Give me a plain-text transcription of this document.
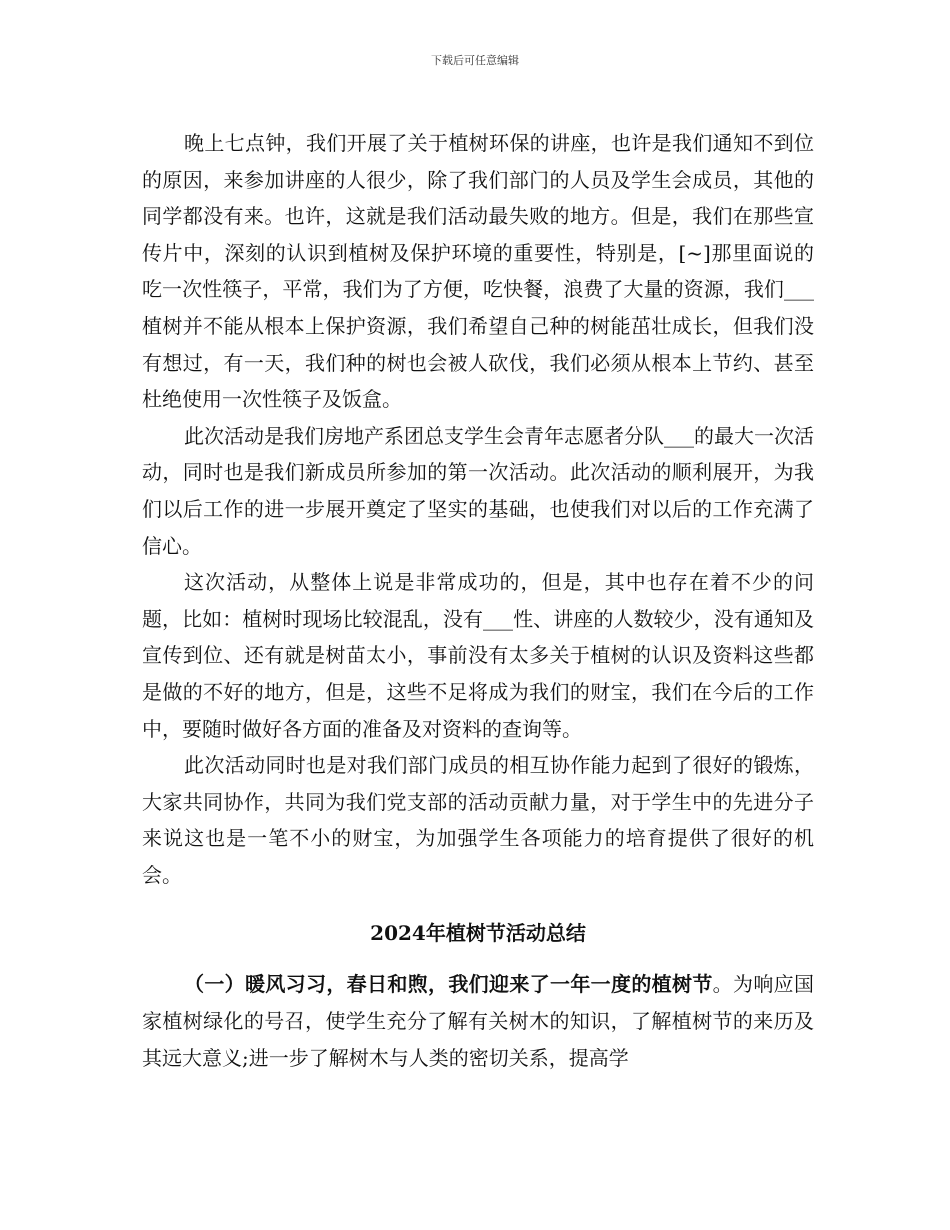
下载后可任意编辑

晚上七点钟，我们开展了关于植树环保的讲座，也许是我们通知不到位的原因，来参加讲座的人很少，除了我们部门的人员及学生会成员，其他的同学都没有来。也许，这就是我们活动最失败的地方。但是，我们在那些宣传片中，深刻的认识到植树及保护环境的重要性，特别是，[~]那里面说的吃一次性筷子，平常，我们为了方便，吃快餐，浪费了大量的资源，我们___植树并不能从根本上保护资源，我们希望自己种的树能茁壮成长，但我们没有想过，有一天，我们种的树也会被人砍伐，我们必须从根本上节约、甚至杜绝使用一次性筷子及饭盒。

此次活动是我们房地产系团总支学生会青年志愿者分队___的最大一次活动，同时也是我们新成员所参加的第一次活动。此次活动的顺利展开，为我们以后工作的进一步展开奠定了坚实的基础，也使我们对以后的工作充满了信心。

这次活动，从整体上说是非常成功的，但是，其中也存在着不少的问题，比如：植树时现场比较混乱，没有___性、讲座的人数较少，没有通知及宣传到位、还有就是树苗太小，事前没有太多关于植树的认识及资料这些都是做的不好的地方，但是，这些不足将成为我们的财宝，我们在今后的工作中，要随时做好各方面的准备及对资料的查询等。

此次活动同时也是对我们部门成员的相互协作能力起到了很好的锻炼，大家共同协作，共同为我们党支部的活动贡献力量，对于学生中的先进分子来说这也是一笔不小的财宝，为加强学生各项能力的培育提供了很好的机会。

2024年植树节活动总结

（一）暖风习习，春日和煦，我们迎来了一年一度的植树节。为响应国家植树绿化的号召，使学生充分了解有关树木的知识，了解植树节的来历及其远大意义;进一步了解树木与人类的密切关系，提高学
